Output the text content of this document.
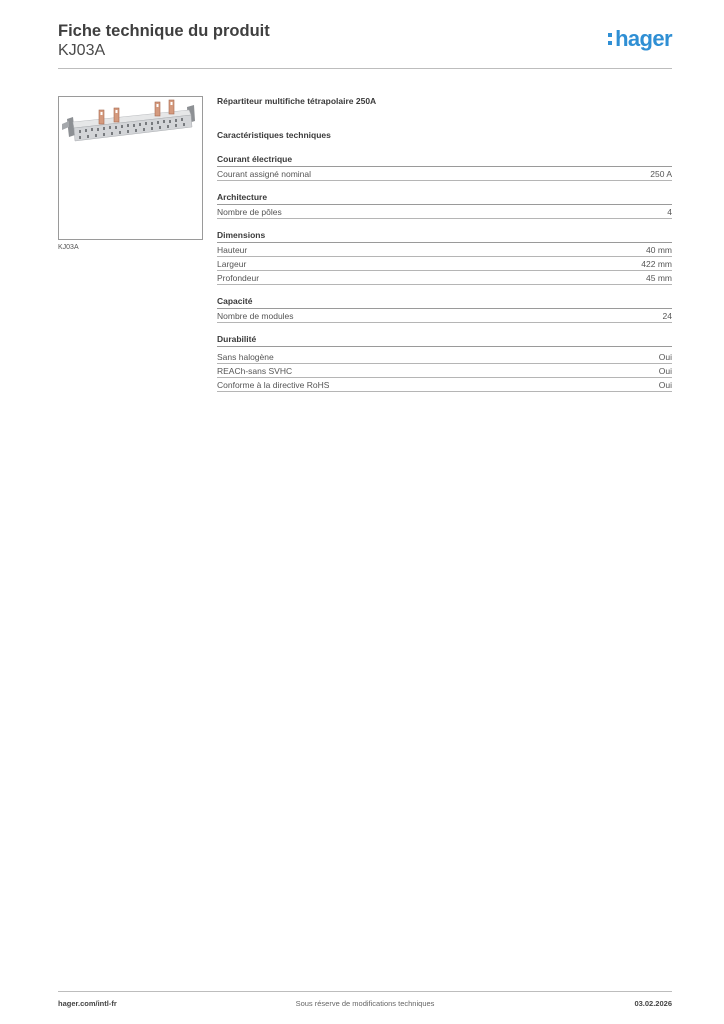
Fiche technique du produit
KJ03A	hager
KJ03A
Répartiteur multifiche tétrapolaire 250A
Caractéristiques techniques
Courant électrique
Courant assigné nominal	250 A
Architecture
Nombre de pôles	4
Dimensions
Hauteur	40 mm
Largeur	422 mm
Profondeur	45 mm
Capacité
Nombre de modules	24
Durabilité
Sans halogène	Oui
REACh-sans SVHC	Oui
Conforme à la directive RoHS	Oui
hager.com/intl-fr	Sous réserve de modifications techniques	03.02.2026
